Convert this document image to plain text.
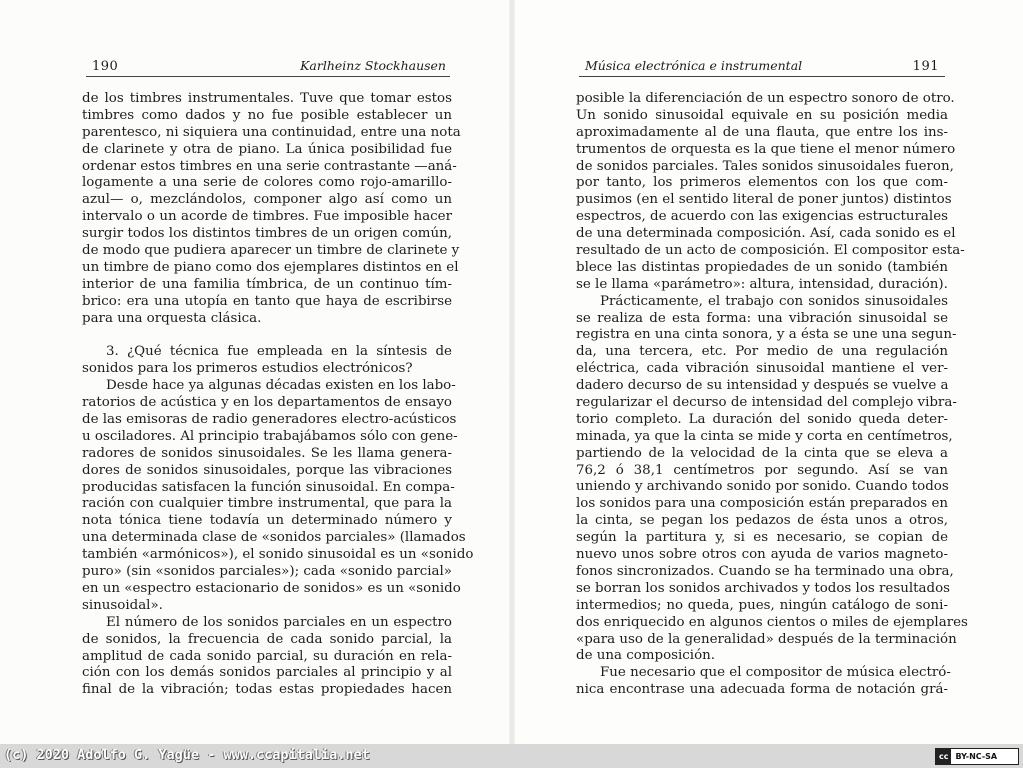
190	Karlheinz Stockhausen
de los timbres instrumentales. Tuve que tomar estos
timbres como dados y no fue posible establecer un
parentesco, ni siquiera una continuidad, entre una nota
de clarinete y otra de piano. La única posibilidad fue
ordenar estos timbres en una serie contrastante —aná-
logamente a una serie de colores como rojo-amarillo-
azul— o, mezclándolos, componer algo así como un
intervalo o un acorde de timbres. Fue imposible hacer
surgir todos los distintos timbres de un origen común,
de modo que pudiera aparecer un timbre de clarinete y
un timbre de piano como dos ejemplares distintos en el
interior de una familia tímbrica, de un continuo tím-
brico: era una utopía en tanto que haya de escribirse
para una orquesta clásica.
3. ¿Qué técnica fue empleada en la síntesis de
sonidos para los primeros estudios electrónicos?
Desde hace ya algunas décadas existen en los labo-
ratorios de acústica y en los departamentos de ensayo
de las emisoras de radio generadores electro-acústicos
u osciladores. Al principio trabajábamos sólo con gene-
radores de sonidos sinusoidales. Se les llama genera-
dores de sonidos sinusoidales, porque las vibraciones
producidas satisfacen la función sinusoidal. En compa-
ración con cualquier timbre instrumental, que para la
nota tónica tiene todavía un determinado número y
una determinada clase de «sonidos parciales» (llamados
también «armónicos»), el sonido sinusoidal es un «sonido
puro» (sin «sonidos parciales»); cada «sonido parcial»
en un «espectro estacionario de sonidos» es un «sonido
sinusoidal».
El número de los sonidos parciales en un espectro
de sonidos, la frecuencia de cada sonido parcial, la
amplitud de cada sonido parcial, su duración en rela-
ción con los demás sonidos parciales al principio y al
final de la vibración; todas estas propiedades hacen
Música electrónica e instrumental	191
posible la diferenciación de un espectro sonoro de otro.
Un sonido sinusoidal equivale en su posición media
aproximadamente al de una flauta, que entre los ins-
trumentos de orquesta es la que tiene el menor número
de sonidos parciales. Tales sonidos sinusoidales fueron,
por tanto, los primeros elementos con los que com-
pusimos (en el sentido literal de poner juntos) distintos
espectros, de acuerdo con las exigencias estructurales
de una determinada composición. Así, cada sonido es el
resultado de un acto de composición. El compositor esta-
blece las distintas propiedades de un sonido (también
se le llama «parámetro»: altura, intensidad, duración).
Prácticamente, el trabajo con sonidos sinusoidales
se realiza de esta forma: una vibración sinusoidal se
registra en una cinta sonora, y a ésta se une una segun-
da, una tercera, etc. Por medio de una regulación
eléctrica, cada vibración sinusoidal mantiene el ver-
dadero decurso de su intensidad y después se vuelve a
regularizar el decurso de intensidad del complejo vibra-
torio completo. La duración del sonido queda deter-
minada, ya que la cinta se mide y corta en centímetros,
partiendo de la velocidad de la cinta que se eleva a
76,2 ó 38,1 centímetros por segundo. Así se van
uniendo y archivando sonido por sonido. Cuando todos
los sonidos para una composición están preparados en
la cinta, se pegan los pedazos de ésta unos a otros,
según la partitura y, si es necesario, se copian de
nuevo unos sobre otros con ayuda de varios magneto-
fonos sincronizados. Cuando se ha terminado una obra,
se borran los sonidos archivados y todos los resultados
intermedios; no queda, pues, ningún catálogo de soni-
dos enriquecido en algunos cientos o miles de ejemplares
«para uso de la generalidad» después de la terminación
de una composición.
Fue necesario que el compositor de música electró-
nica encontrase una adecuada forma de notación grá-
(c) 2020 Adolfo G. Yagüe - www.ccapitalia.net	cc BY-NC-SA
